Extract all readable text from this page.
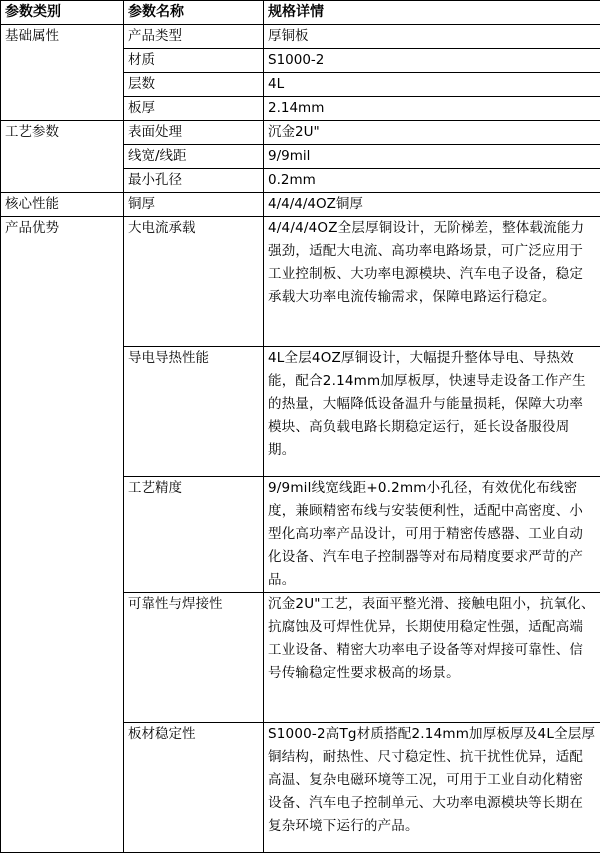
参数类别	参数名称	规格详情
基础属性	产品类型	厚铜板
	材质	S1000-2
	层数	4L
	板厚	2.14mm
工艺参数	表面处理	沉金2U"
	线宽/线距	9/9mil
	最小孔径	0.2mm
核心性能	铜厚	4/4/4/4OZ铜厚
产品优势	大电流承载	4/4/4/4OZ全层厚铜设计，无阶梯差，整体载流能力强劲，适配大电流、高功率电路场景，可广泛应用于工业控制板、大功率电源模块、汽车电子设备，稳定承载大功率电流传输需求，保障电路运行稳定。
	导电导热性能	4L全层4OZ厚铜设计，大幅提升整体导电、导热效能，配合2.14mm加厚板厚，快速导走设备工作产生的热量，大幅降低设备温升与能量损耗，保障大功率模块、高负载电路长期稳定运行，延长设备服役周期。
	工艺精度	9/9mil线宽线距+0.2mm小孔径，有效优化布线密度，兼顾精密布线与安装便利性，适配中高密度、小型化高功率产品设计，可用于精密传感器、工业自动化设备、汽车电子控制器等对布局精度要求严苛的产品。
	可靠性与焊接性	沉金2U"工艺，表面平整光滑、接触电阻小，抗氧化、抗腐蚀及可焊性优异，长期使用稳定性强，适配高端工业设备、精密大功率电子设备等对焊接可靠性、信号传输稳定性要求极高的场景。
	板材稳定性	S1000-2高Tg材质搭配2.14mm加厚板厚及4L全层厚铜结构，耐热性、尺寸稳定性、抗干扰性优异，适配高温、复杂电磁环境等工况，可用于工业自动化精密设备、汽车电子控制单元、大功率电源模块等长期在复杂环境下运行的产品。
